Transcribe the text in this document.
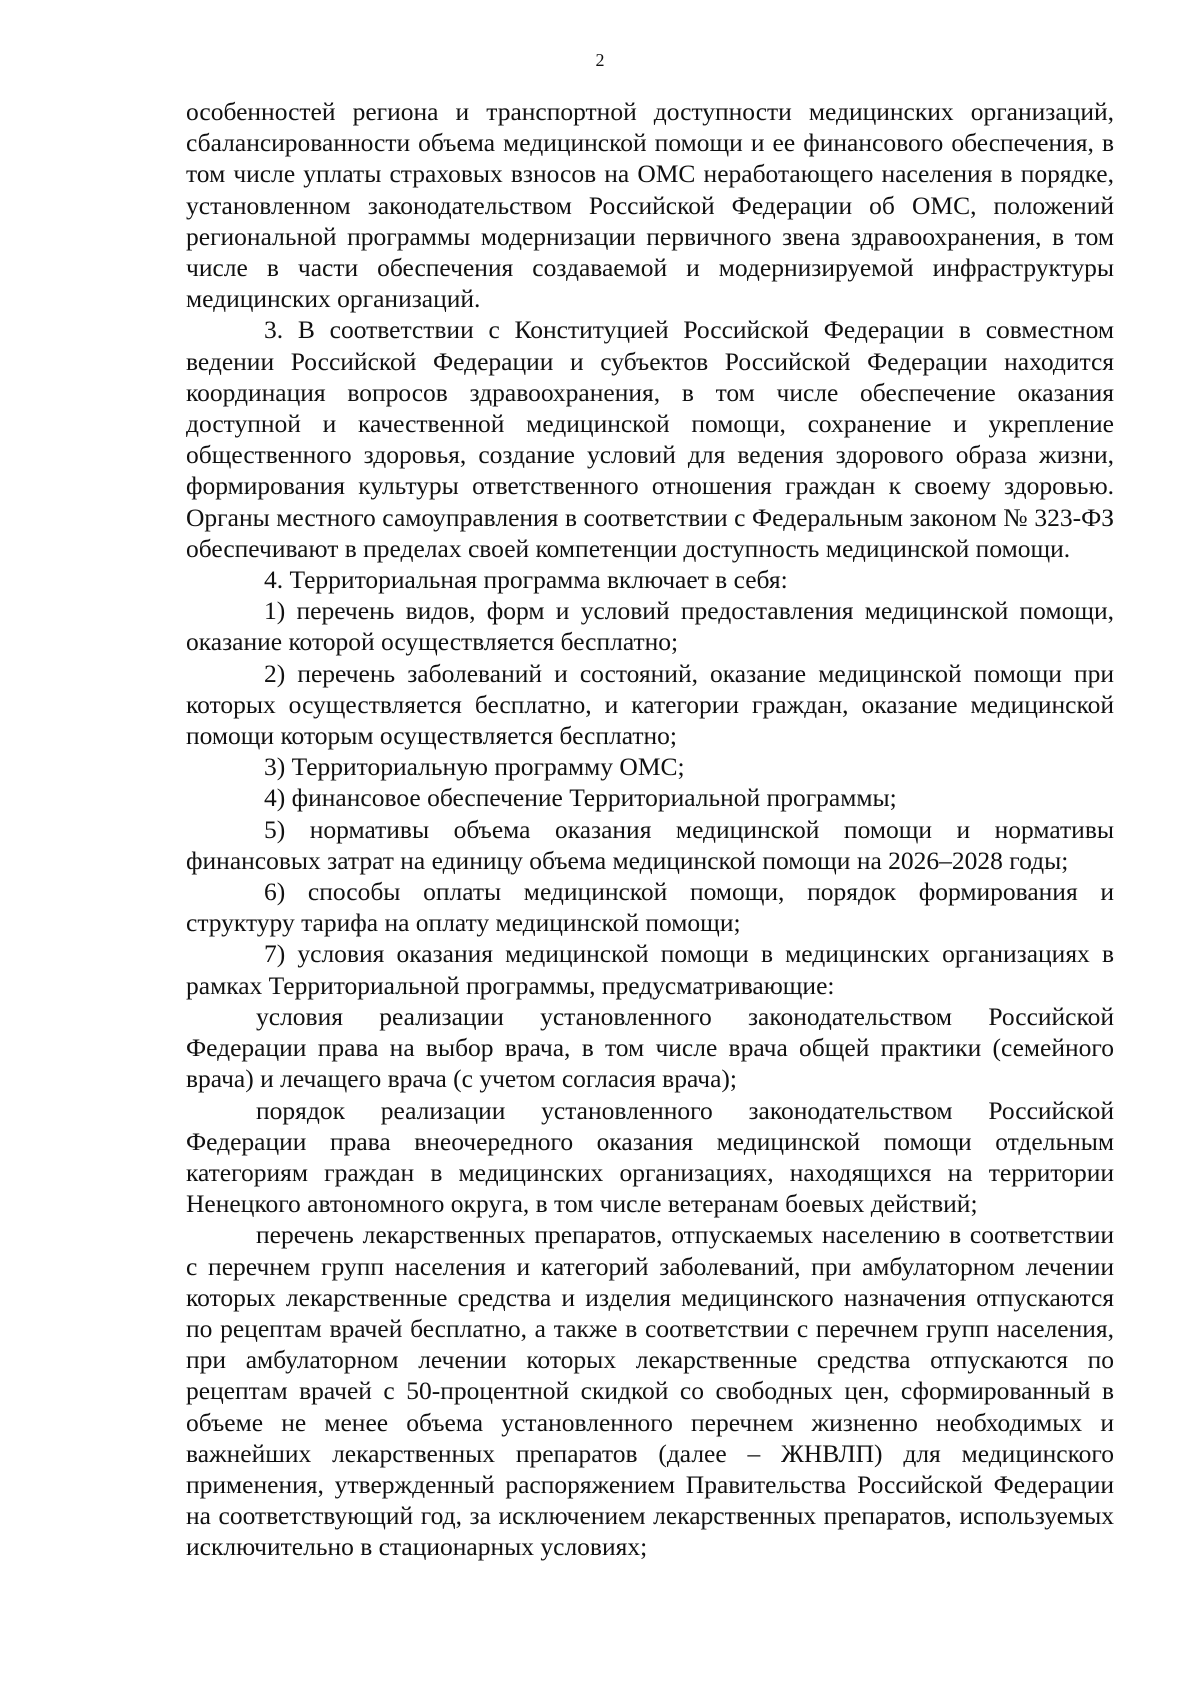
2

особенностей региона и транспортной доступности медицинских организаций, сбалансированности объема медицинской помощи и ее финансового обеспечения, в том числе уплаты страховых взносов на ОМС неработающего населения в порядке, установленном законодательством Российской Федерации об ОМС, положений региональной программы модернизации первичного звена здравоохранения, в том числе в части обеспечения создаваемой и модернизируемой инфраструктуры медицинских организаций.

3. В соответствии с Конституцией Российской Федерации в совместном ведении Российской Федерации и субъектов Российской Федерации находится координация вопросов здравоохранения, в том числе обеспечение оказания доступной и качественной медицинской помощи, сохранение и укрепление общественного здоровья, создание условий для ведения здорового образа жизни, формирования культуры ответственного отношения граждан к своему здоровью. Органы местного самоуправления в соответствии с Федеральным законом № 323-ФЗ обеспечивают в пределах своей компетенции доступность медицинской помощи.

4. Территориальная программа включает в себя:

1) перечень видов, форм и условий предоставления медицинской помощи, оказание которой осуществляется бесплатно;

2) перечень заболеваний и состояний, оказание медицинской помощи при которых осуществляется бесплатно, и категории граждан, оказание медицинской помощи которым осуществляется бесплатно;

3) Территориальную программу ОМС;

4) финансовое обеспечение Территориальной программы;

5) нормативы объема оказания медицинской помощи и нормативы финансовых затрат на единицу объема медицинской помощи на 2026–2028 годы;

6) способы оплаты медицинской помощи, порядок формирования и структуру тарифа на оплату медицинской помощи;

7) условия оказания медицинской помощи в медицинских организациях в рамках Территориальной программы, предусматривающие:

условия реализации установленного законодательством Российской Федерации права на выбор врача, в том числе врача общей практики (семейного врача) и лечащего врача (с учетом согласия врача);

порядок реализации установленного законодательством Российской Федерации права внеочередного оказания медицинской помощи отдельным категориям граждан в медицинских организациях, находящихся на территории Ненецкого автономного округа, в том числе ветеранам боевых действий;

перечень лекарственных препаратов, отпускаемых населению в соответствии с перечнем групп населения и категорий заболеваний, при амбулаторном лечении которых лекарственные средства и изделия медицинского назначения отпускаются по рецептам врачей бесплатно, а также в соответствии с перечнем групп населения, при амбулаторном лечении которых лекарственные средства отпускаются по рецептам врачей с 50-процентной скидкой со свободных цен, сформированный в объеме не менее объема установленного перечнем жизненно необходимых и важнейших лекарственных препаратов (далее – ЖНВЛП) для медицинского применения, утвержденный распоряжением Правительства Российской Федерации на соответствующий год, за исключением лекарственных препаратов, используемых исключительно в стационарных условиях;
